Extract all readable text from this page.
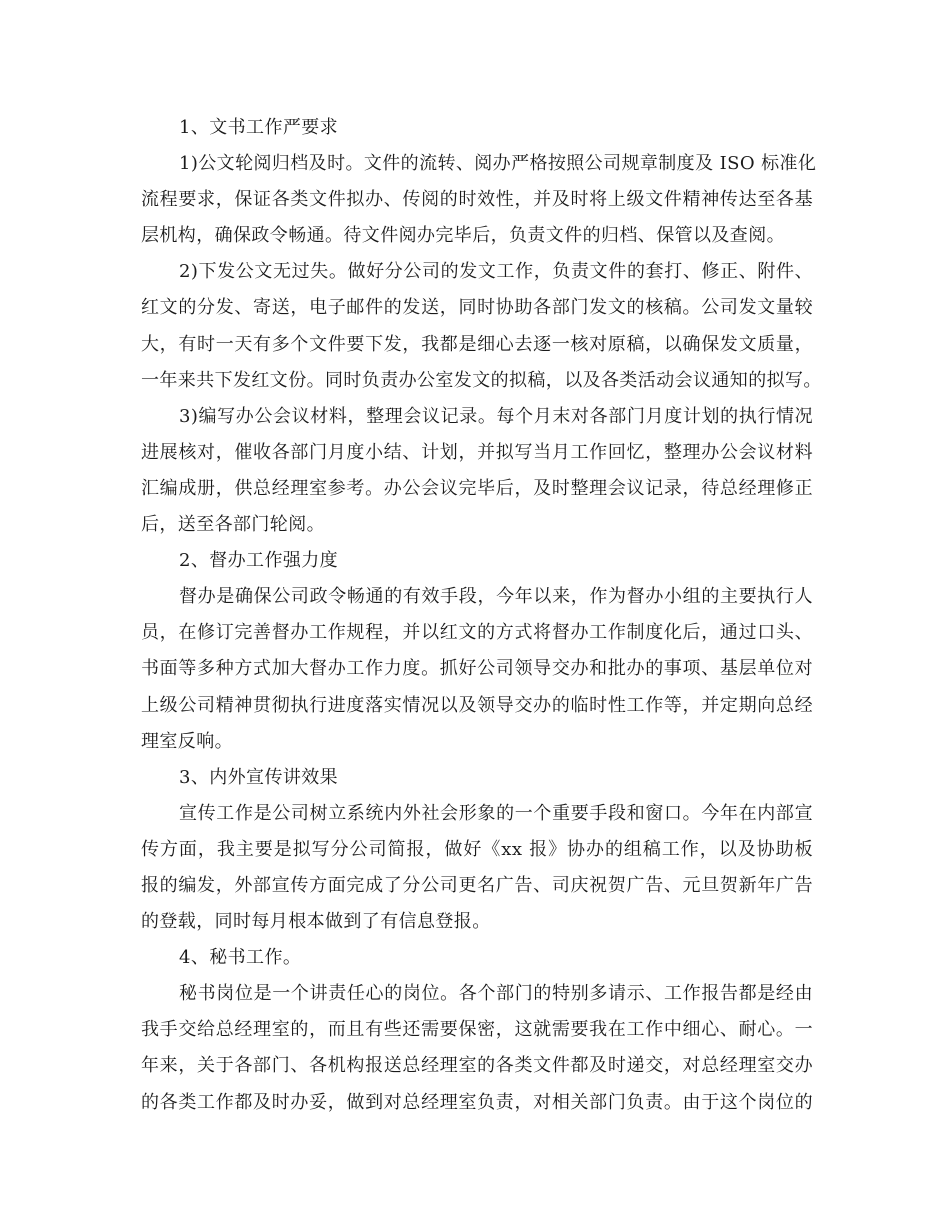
1、文书工作严要求
1)公文轮阅归档及时。文件的流转、阅办严格按照公司规章制度及 ISO 标准化
流程要求，保证各类文件拟办、传阅的时效性，并及时将上级文件精神传达至各基
层机构，确保政令畅通。待文件阅办完毕后，负责文件的归档、保管以及查阅。
2)下发公文无过失。做好分公司的发文工作，负责文件的套打、修正、附件、
红文的分发、寄送，电子邮件的发送，同时协助各部门发文的核稿。公司发文量较
大，有时一天有多个文件要下发，我都是细心去逐一核对原稿，以确保发文质量，
一年来共下发红文份。同时负责办公室发文的拟稿，以及各类活动会议通知的拟写。
3)编写办公会议材料，整理会议记录。每个月末对各部门月度计划的执行情况
进展核对，催收各部门月度小结、计划，并拟写当月工作回忆，整理办公会议材料
汇编成册，供总经理室参考。办公会议完毕后，及时整理会议记录，待总经理修正
后，送至各部门轮阅。
2、督办工作强力度
督办是确保公司政令畅通的有效手段，今年以来，作为督办小组的主要执行人
员，在修订完善督办工作规程，并以红文的方式将督办工作制度化后，通过口头、
书面等多种方式加大督办工作力度。抓好公司领导交办和批办的事项、基层单位对
上级公司精神贯彻执行进度落实情况以及领导交办的临时性工作等，并定期向总经
理室反响。
3、内外宣传讲效果
宣传工作是公司树立系统内外社会形象的一个重要手段和窗口。今年在内部宣
传方面，我主要是拟写分公司简报，做好《xx 报》协办的组稿工作，以及协助板
报的编发，外部宣传方面完成了分公司更名广告、司庆祝贺广告、元旦贺新年广告
的登载，同时每月根本做到了有信息登报。
4、秘书工作。
秘书岗位是一个讲责任心的岗位。各个部门的特别多请示、工作报告都是经由
我手交给总经理室的，而且有些还需要保密，这就需要我在工作中细心、耐心。一
年来，关于各部门、各机构报送总经理室的各类文件都及时递交，对总经理室交办
的各类工作都及时办妥，做到对总经理室负责，对相关部门负责。由于这个岗位的
